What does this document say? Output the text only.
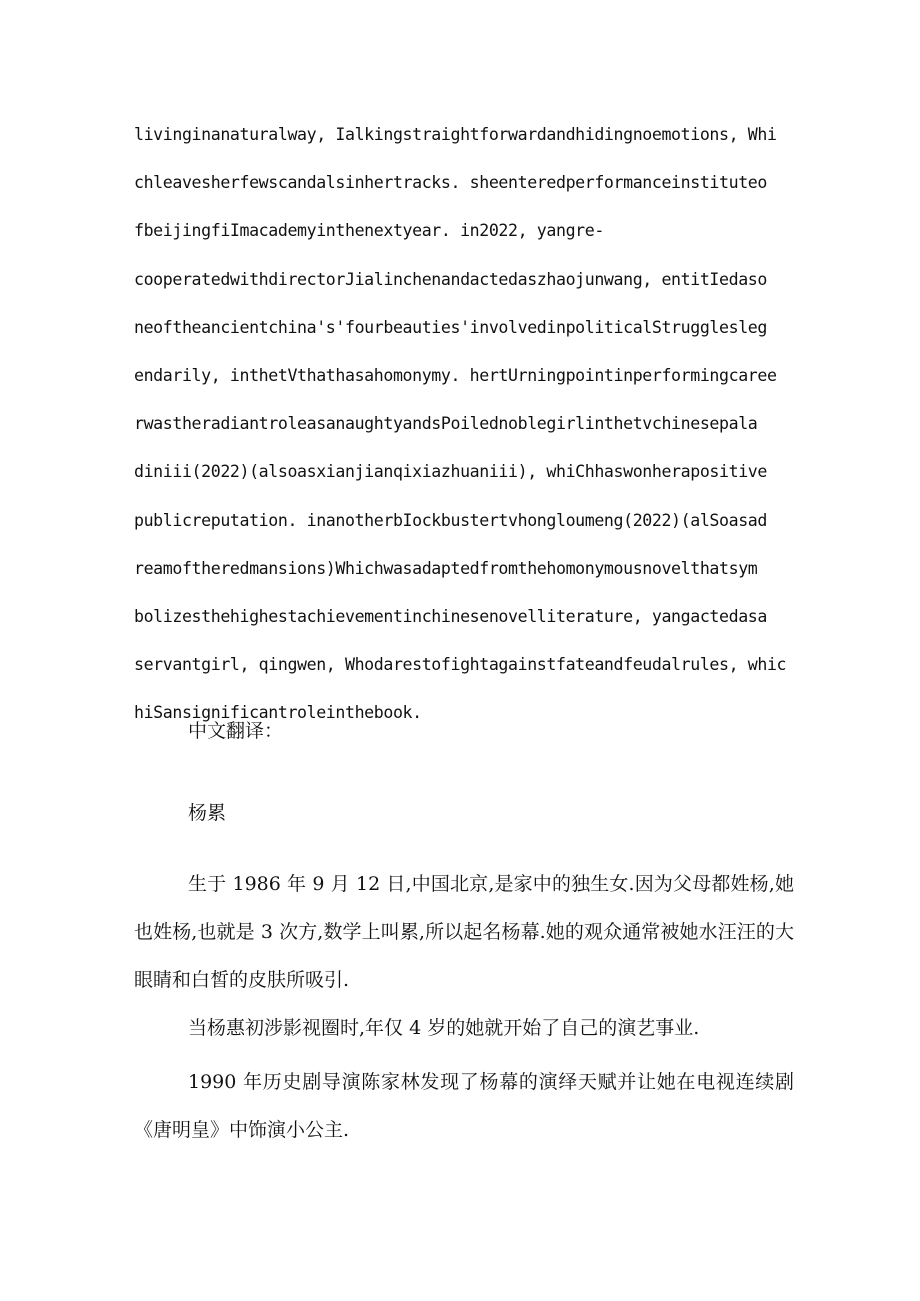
livinginanaturalway, Ialkingstraightforwardandhidingnoemotions, Whi
chleavesherfewscandalsinhertracks. sheenteredperformanceinstituteo
fbeijingfiImacademyinthenextyear. in2022, yangre-
cooperatedwithdirectorJialinchenandactedaszhaojunwang, entitIedaso
neoftheancientchina's'fourbeauties'involvedinpoliticalStrugglesleg
endarily, inthetVthathasahomonymy. hertUrningpointinperformingcaree
rwastheradiantroleasanaughtyandsPoilednoblegirlinthetvchinesepala
diniii(2022)(alsoasxianjianqixiazhuaniii), whiChhaswonherapositive
publicreputation. inanotherbIockbustertvhongloumeng(2022)(alSoasad
reamoftheredmansions)Whichwasadaptedfromthehomonymousnovelthatsym
bolizesthehighestachievementinchinesenovelliterature, yangactedasa
servantgirl, qingwen, Whodarestofightagainstfateandfeudalrules, whic
hiSansignificantroleinthebook.
中文翻译：
杨累

生于 1986 年 9 月 12 日,中国北京,是家中的独生女.因为父母都姓杨,她也姓杨,也就是 3 次方,数学上叫累,所以起名杨幕.她的观众通常被她水汪汪的大眼睛和白皙的皮肤所吸引.

当杨惠初涉影视圈时,年仅 4 岁的她就开始了自己的演艺事业.

1990 年历史剧导演陈家林发现了杨幕的演绎天赋并让她在电视连续剧《唐明皇》中饰演小公主.
